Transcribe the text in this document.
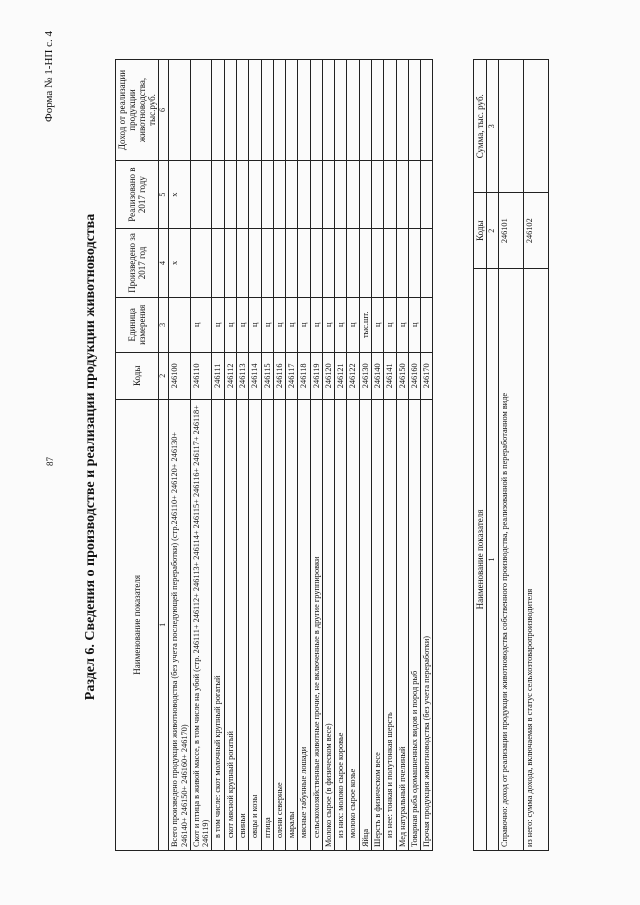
Форма № 1-НП с. 4
87 Раздел 6. Сведения о производстве и реализации продукции животноводства	Наименование показателя	Коды	Единица измерения	Произведено за 2017 год	Реализовано в 2017 году	Доход от реализации продукции животноводства, тыс.руб.
1	2	3	4	5	6
Всего произведено продукции животноводства (без учета последующей переработки) (стр.246110+ 246120+ 246130+ 246140+ 246150+ 246160+ 246170)	246100		x	x	
Скот и птица в живой массе, в том числе на убой (стр. 246111+ 246112+ 246113+ 246114+ 246115+ 246116+ 246117+ 246118+ 246119)	246110	ц			
в том числе: скот молочный крупный рогатый	246111	ц			
скот мясной крупный рогатый	246112	ц			
свиньи	246113	ц			
овцы и козы	246114	ц			
птица	246115	ц			
олени северные	246116	ц			
маралы	246117	ц			
мясные табунные лошади	246118	ц			
сельскохозяйственные животные прочие, не включенные в другие группировки	246119	ц			
Молоко сырое (в физическом весе)	246120	ц			
из них: молоко сырое коровье	246121	ц			
молоко сырое козье	246122	ц			
Яйца	246130	тыс.шт.			
Шерсть в физическом весе	246140	ц			
из нее: тонкая и полутонкая шерсть	246141	ц			
Мед натуральный пчелиный	246150	ц			
Товарная рыба одомашненных видов и пород рыб	246160	ц			
Прочая продукция животноводства (без учета переработки)	246170				
Наименование показателя	Коды	Сумма, тыс. руб.
1	2	3
Справочно: доход от реализации продукции животноводства собственного производства, реализованной в переработанном виде	246101	
из него: сумма дохода, включаемая в статус сельхозтоваропроизводителя	246102	
